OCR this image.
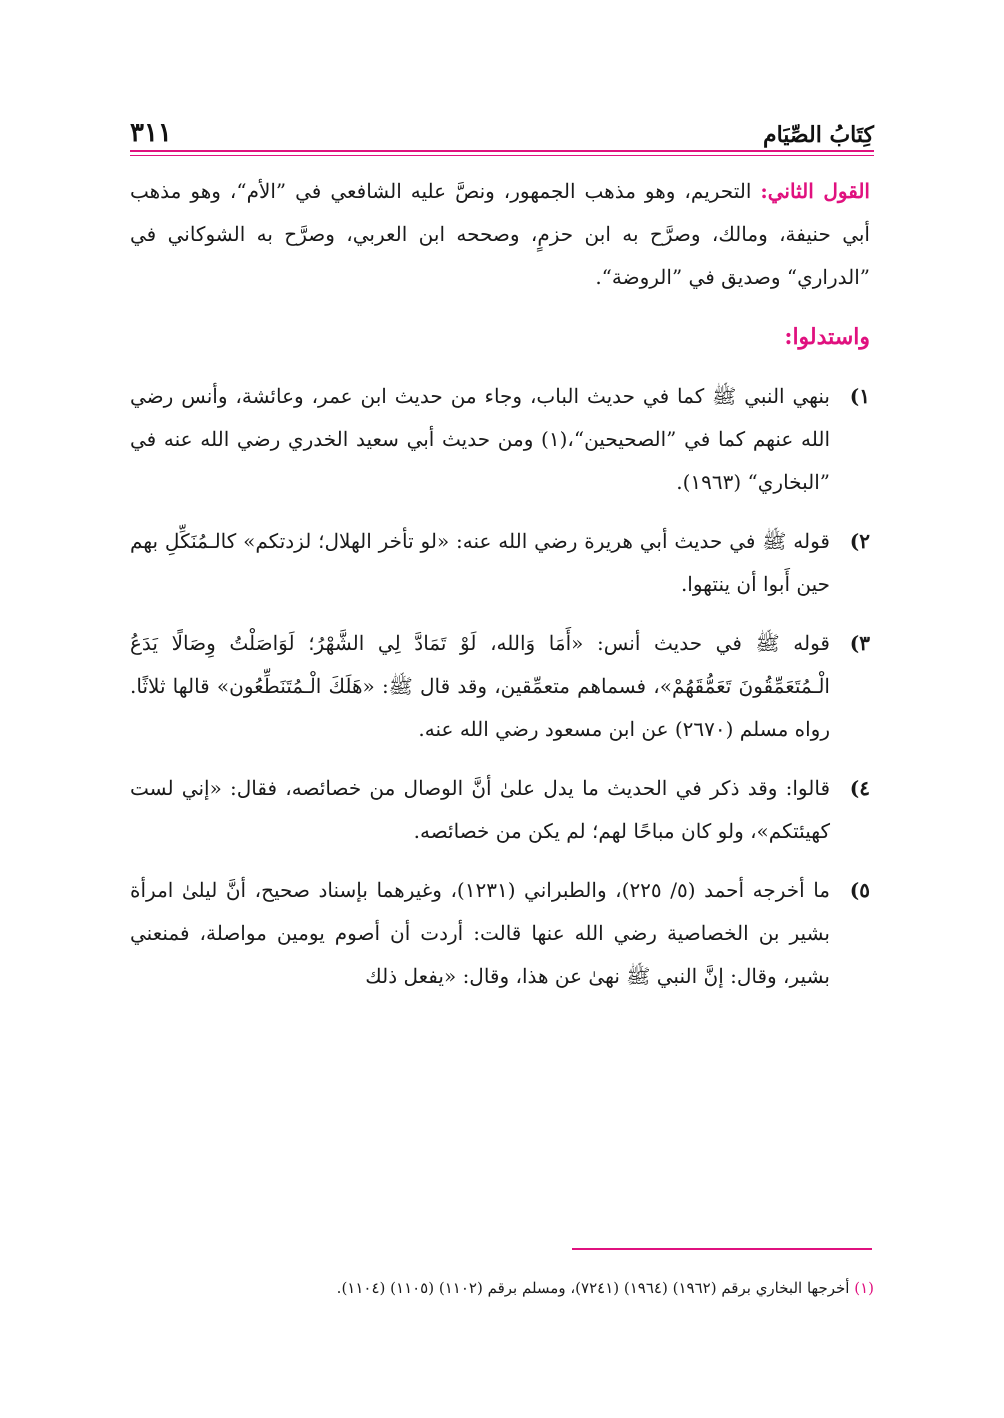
كِتَابُ الصِّيَام
٣١١

القول الثاني: التحريم، وهو مذهب الجمهور، ونصَّ عليه الشافعي في ”الأم“، وهو مذهب أبي حنيفة، ومالك، وصرَّح به ابن حزمٍ، وصححه ابن العربي، وصرَّح به الشوكاني في ”الدراري“ وصديق في ”الروضة“.

واستدلوا:
١)
بنهي النبي ﷺ كما في حديث الباب، وجاء من حديث ابن عمر، وعائشة، وأنس رضي الله عنهم كما في ”الصحيحين“،(١) ومن حديث أبي سعيد الخدري رضي الله عنه في ”البخاري“ (١٩٦٣).
٢)
قوله ﷺ في حديث أبي هريرة رضي الله عنه: «لو تأخر الهلال؛ لزدتكم» كالـمُنَكِّلِ بهم حين أَبوا أن ينتهوا.
٣)
قوله ﷺ في حديث أنس: «أَمَا وَالله، لَوْ تَمَادَّ لِي الشَّهْرُ؛ لَوَاصَلْتُ وِصَالًا يَدَعُ الْـمُتَعَمِّقُونَ تَعَمُّقَهُمْ»، فسماهم متعمِّقين، وقد قال ﷺ: «هَلَكَ الْـمُتَنَطِّعُون» قالها ثلاثًا. رواه مسلم (٢٦٧٠) عن ابن مسعود رضي الله عنه.
٤)
قالوا: وقد ذكر في الحديث ما يدل علىٰ أنَّ الوصال من خصائصه، فقال: «إني لست كهيئتكم»، ولو كان مباحًا لهم؛ لم يكن من خصائصه.
٥)
ما أخرجه أحمد (٥/ ٢٢٥)، والطبراني (١٢٣١)، وغيرهما بإسناد صحيح، أنَّ ليلىٰ امرأة بشير بن الخصاصية رضي الله عنها قالت: أردت أن أصوم يومين مواصلة، فمنعني بشير، وقال: إنَّ النبي ﷺ نهىٰ عن هذا، وقال: «يفعل ذلك
(١) أخرجها البخاري برقم (١٩٦٢) (١٩٦٤) (٧٢٤١)، ومسلم برقم (١١٠٢) (١١٠٥) (١١٠٤).
